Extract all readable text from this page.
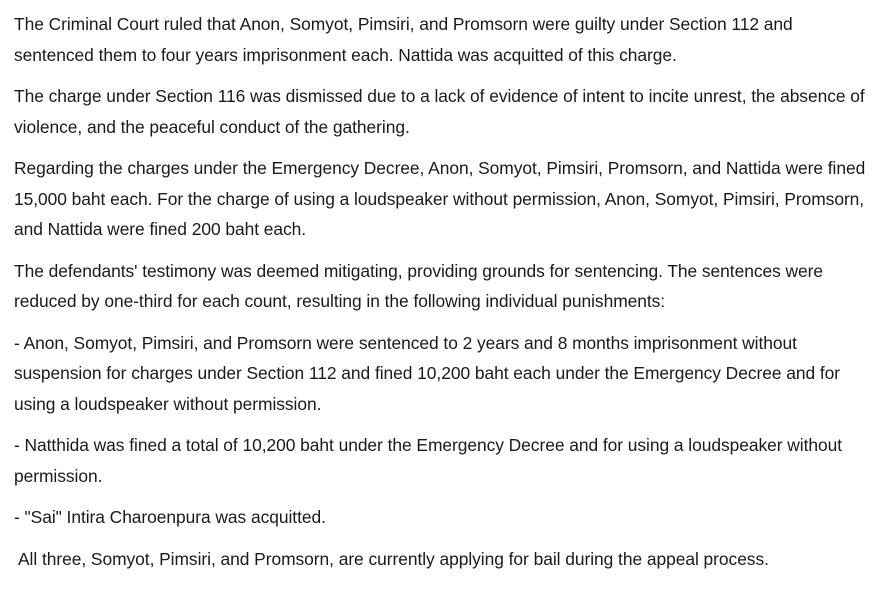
The Criminal Court ruled that Anon, Somyot, Pimsiri, and Promsorn were guilty under Section 112 and sentenced them to four years imprisonment each. Nattida was acquitted of this charge.

The charge under Section 116 was dismissed due to a lack of evidence of intent to incite unrest, the absence of violence, and the peaceful conduct of the gathering.

Regarding the charges under the Emergency Decree, Anon, Somyot, Pimsiri, Promsorn, and Nattida were fined 15,000 baht each. For the charge of using a loudspeaker without permission, Anon, Somyot, Pimsiri, Promsorn, and Nattida were fined 200 baht each.

The defendants' testimony was deemed mitigating, providing grounds for sentencing. The sentences were reduced by one-third for each count, resulting in the following individual punishments:

- Anon, Somyot, Pimsiri, and Promsorn were sentenced to 2 years and 8 months imprisonment without suspension for charges under Section 112 and fined 10,200 baht each under the Emergency Decree and for using a loudspeaker without permission.

- Natthida was fined a total of 10,200 baht under the Emergency Decree and for using a loudspeaker without permission.

- "Sai" Intira Charoenpura was acquitted.

All three, Somyot, Pimsiri, and Promsorn, are currently applying for bail during the appeal process.
